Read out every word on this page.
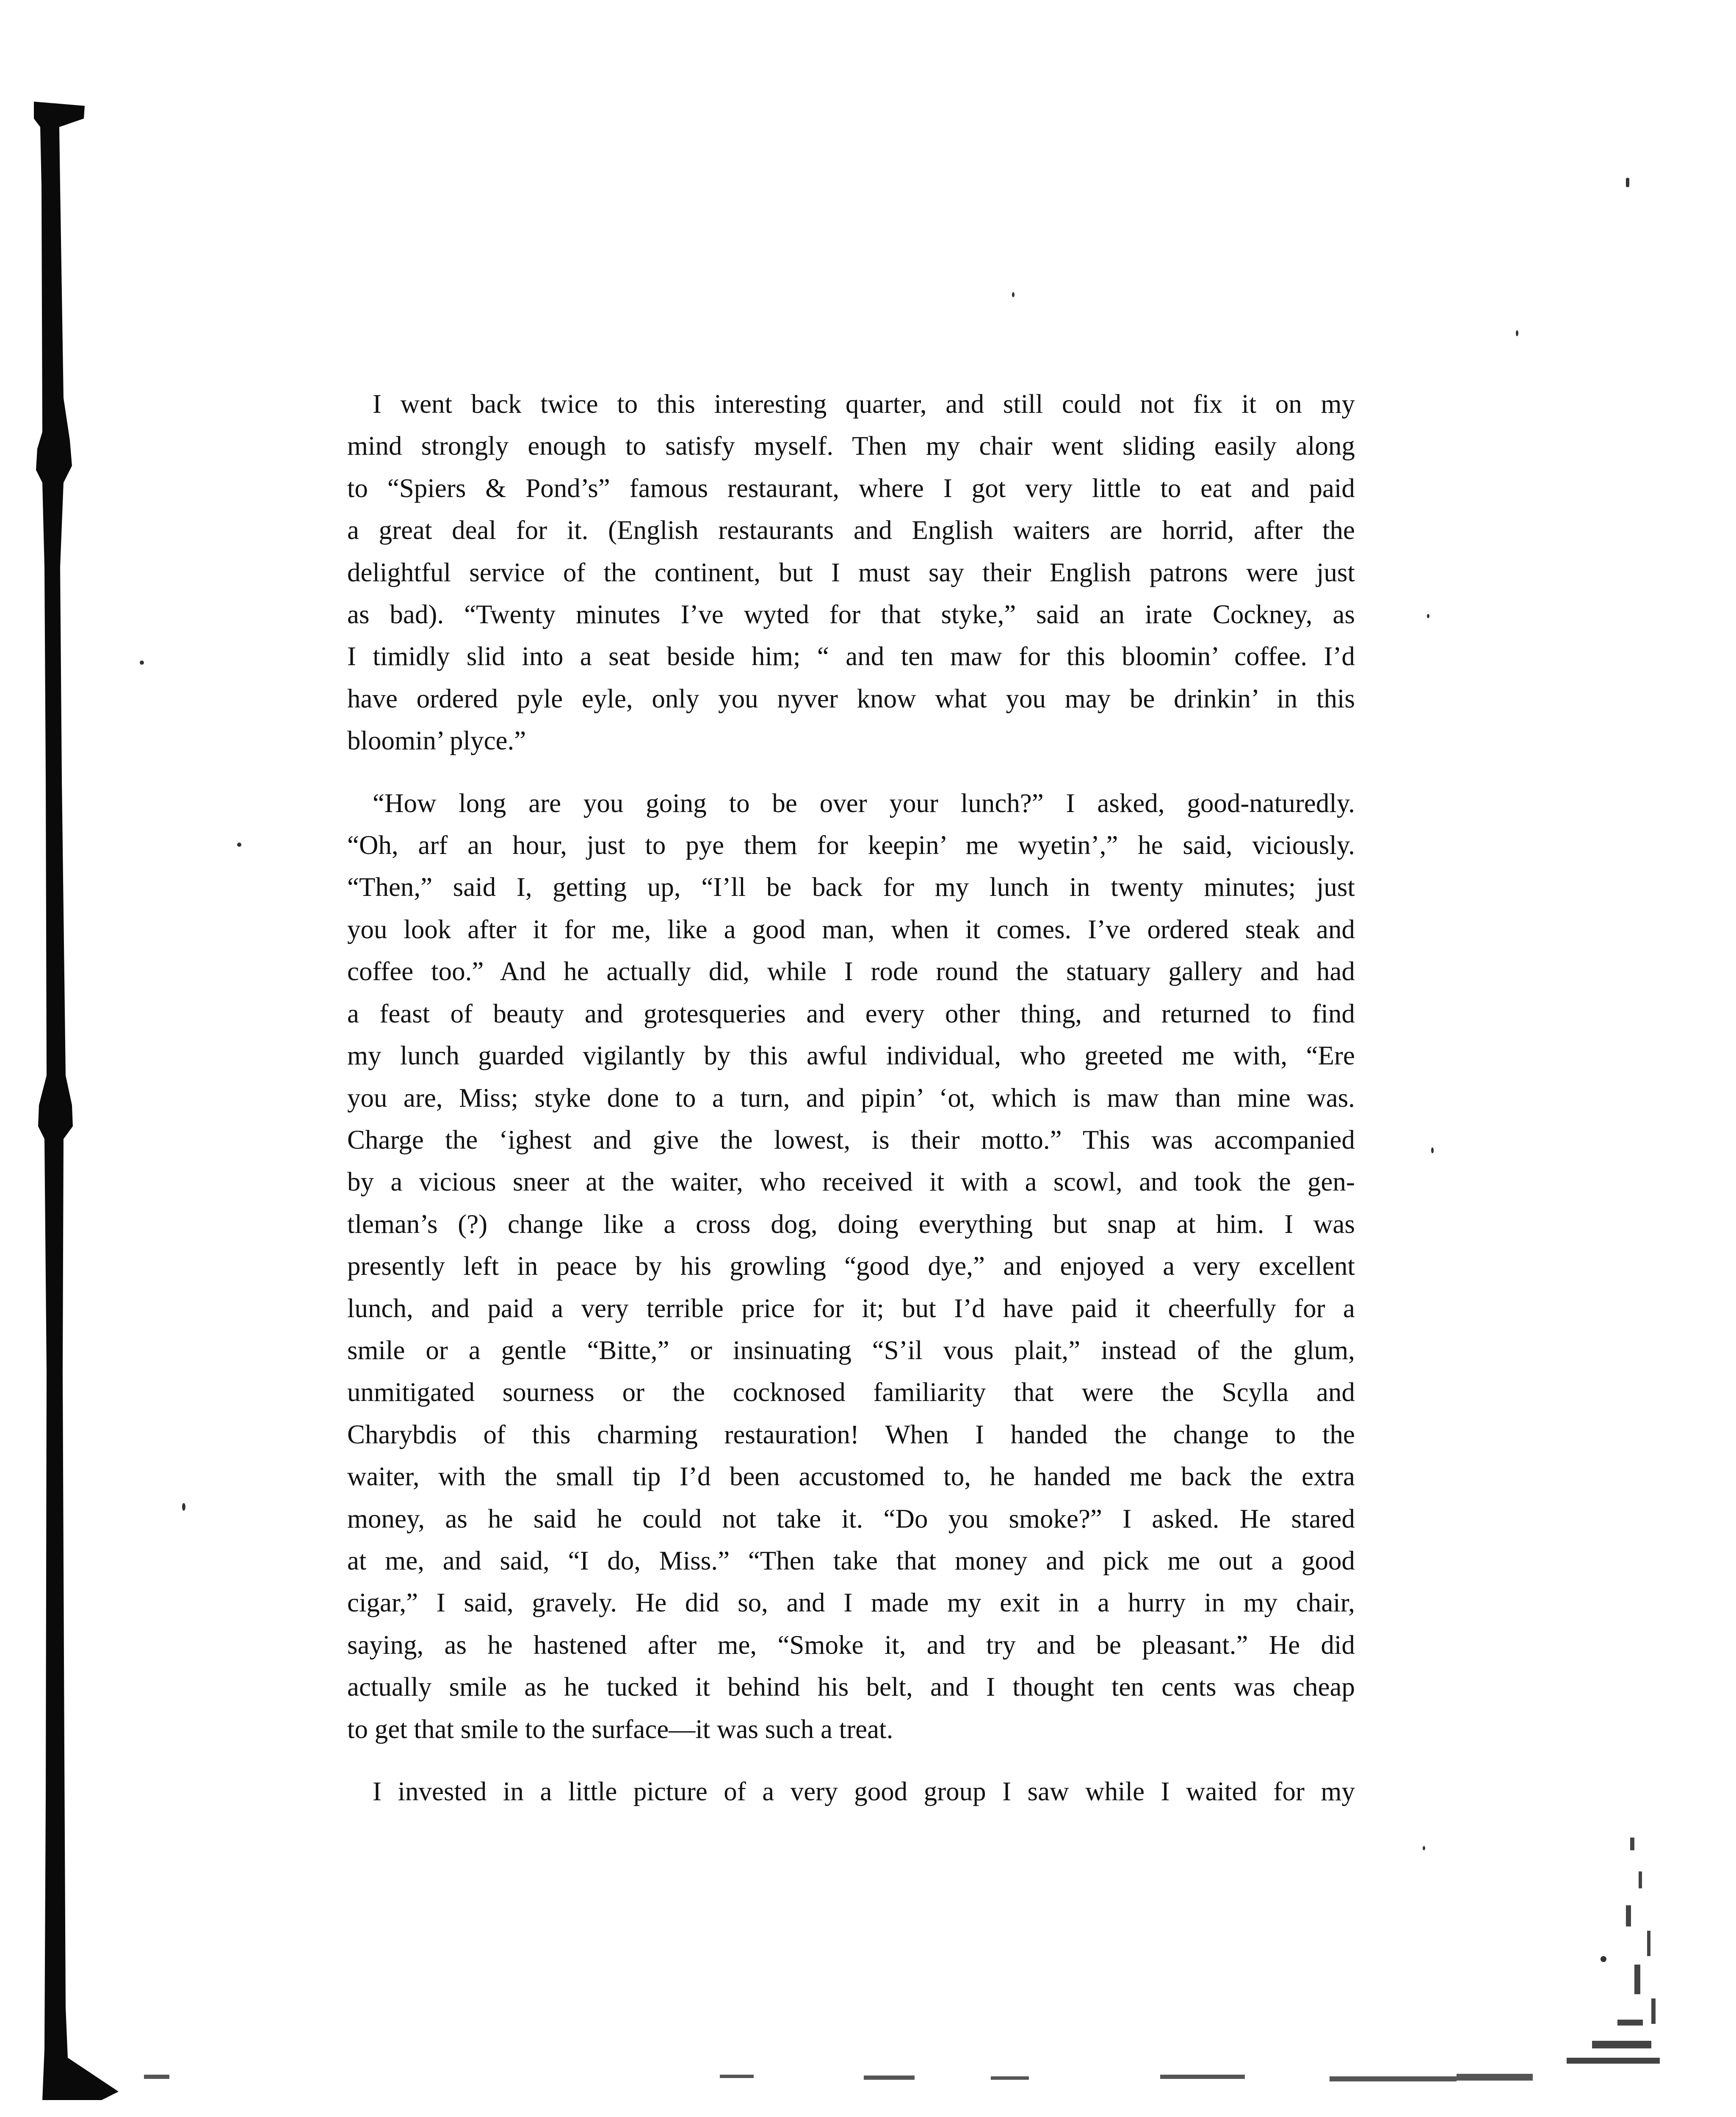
I went back twice to this interesting quarter, and still could not fix it on my
mind strongly enough to satisfy myself. Then my chair went sliding easily along
to “Spiers & Pond’s” famous restaurant, where I got very little to eat and paid
a great deal for it. (English restaurants and English waiters are horrid, after the
delightful service of the continent, but I must say their English patrons were just
as bad). “Twenty minutes I’ve wyted for that styke,” said an irate Cockney, as
I timidly slid into a seat beside him; “ and ten maw for this bloomin’ coffee. I’d
have ordered pyle eyle, only you nyver know what you may be drinkin’ in this
bloomin’ plyce.”
“How long are you going to be over your lunch?” I asked, good-naturedly.
“Oh, arf an hour, just to pye them for keepin’ me wyetin’,” he said, viciously.
“Then,” said I, getting up, “I’ll be back for my lunch in twenty minutes; just
you look after it for me, like a good man, when it comes. I’ve ordered steak and
coffee too.” And he actually did, while I rode round the statuary gallery and had
a feast of beauty and grotesqueries and every other thing, and returned to find
my lunch guarded vigilantly by this awful individual, who greeted me with, “Ere
you are, Miss; styke done to a turn, and pipin’ ‘ot, which is maw than mine was.
Charge the ‘ighest and give the lowest, is their motto.” This was accompanied
by a vicious sneer at the waiter, who received it with a scowl, and took the gen-
tleman’s (?) change like a cross dog, doing everything but snap at him. I was
presently left in peace by his growling “good dye,” and enjoyed a very excellent
lunch, and paid a very terrible price for it; but I’d have paid it cheerfully for a
smile or a gentle “Bitte,” or insinuating “S’il vous plait,” instead of the glum,
unmitigated sourness or the cocknosed familiarity that were the Scylla and
Charybdis of this charming restauration! When I handed the change to the
waiter, with the small tip I’d been accustomed to, he handed me back the extra
money, as he said he could not take it. “Do you smoke?” I asked. He stared
at me, and said, “I do, Miss.” “Then take that money and pick me out a good
cigar,” I said, gravely. He did so, and I made my exit in a hurry in my chair,
saying, as he hastened after me, “Smoke it, and try and be pleasant.” He did
actually smile as he tucked it behind his belt, and I thought ten cents was cheap
to get that smile to the surface—it was such a treat.
I invested in a little picture of a very good group I saw while I waited for my
